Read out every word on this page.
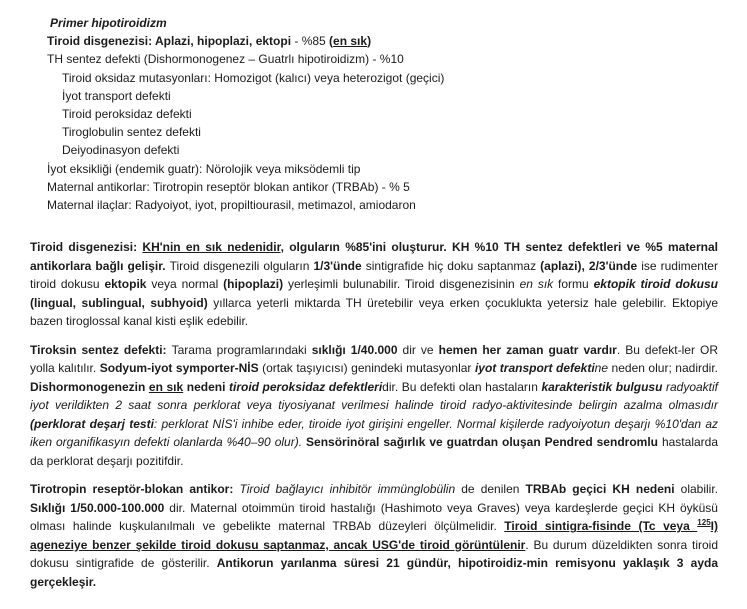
Primer hipotiroidizm
Tiroid disgenezisi: Aplazi, hipoplazi, ektopi - %85 (en sık)
TH sentez defekti (Dishormonogenez – Guatrlı hipotiroidizm) - %10
Tiroid oksidaz mutasyonları: Homozigot (kalıcı) veya heterozigot (geçici)
İyot transport defekti
Tiroid peroksidaz defekti
Tiroglobulin sentez defekti
Deiyodinasyon defekti
İyot eksikliği (endemik guatr): Nörolojik veya miksödemli tip
Maternal antikorlar: Tirotropin reseptör blokan antikor (TRBAb) - % 5
Maternal ilaçlar: Radyoiyot, iyot, propiltiourasil, metimazol, amiodaron
Tiroid disgenezisi: KH'nin en sık nedenidir, olguların %85'ini oluşturur. KH %10 TH sentez defektleri ve %5 maternal antikorlara bağlı gelişir. Tiroid disgenezili olguların 1/3'ünde sintigrafide hiç doku saptanmaz (aplazi), 2/3'ünde ise rudimenter tiroid dokusu ektopik veya normal (hipoplazi) yerleşimli bulunabilir. Tiroid disgenezisinin en sık formu ektopik tiroid dokusu (lingual, sublingual, subhyoid) yıllarca yeterli miktarda TH üretebilir veya erken çocuklukta yetersiz hale gelebilir. Ektopiye bazen tiroglossal kanal kisti eşlik edebilir.
Tiroksin sentez defekti: Tarama programlarındaki sıklığı 1/40.000 dir ve hemen her zaman guatr vardır. Bu defekt-ler OR yolla kalıtılır. Sodyum-iyot symporter-NİS (ortak taşıyıcısı) genindeki mutasyonlar iyot transport defektine neden olur; nadirdir. Dishormonogenezin en sık nedeni tiroid peroksidaz defektleridir. Bu defekti olan hastaların karakteristik bulgusu radyoaktif iyot verildikten 2 saat sonra perklorat veya tiyosiyanat verilmesi halinde tiroid radyo-aktivitesinde belirgin azalma olmasıdır (perklorat deşarj testi: perklorat NİS'i inhibe eder, tiroide iyot girişini engeller. Normal kişilerde radyoiyotun deşarjı %10'dan az iken organifikasyın defekti olanlarda %40–90 olur). Sensörinöral sağırlık ve guatrdan oluşan Pendred sendromlu hastalarda da perklorat deşarjı pozitifdir.
Tirotropin reseptör-blokan antikor: Tiroid bağlayıcı inhibitör immünglobülin de denilen TRBAb geçici KH nedeni olabilir. Sıklığı 1/50.000-100.000 dir. Maternal otoimmün tiroid hastalığı (Hashimoto veya Graves) veya kardeşlerde geçici KH öyküsü olması halinde kuşkulanılmalı ve gebelikte maternal TRBAb düzeyleri ölçülmelidir. Tiroid sintigra-fisinde (Tc veya $^{125}$I) ageneziye benzer şekilde tiroid dokusu saptanmaz, ancak USG'de tiroid görüntülenir. Bu durum düzeldikten sonra tiroid dokusu sintigrafide de gösterilir. Antikorun yarılanma süresi 21 gündür, hipotiroidiz-min remisyonu yaklaşık 3 ayda gerçekleşir.
